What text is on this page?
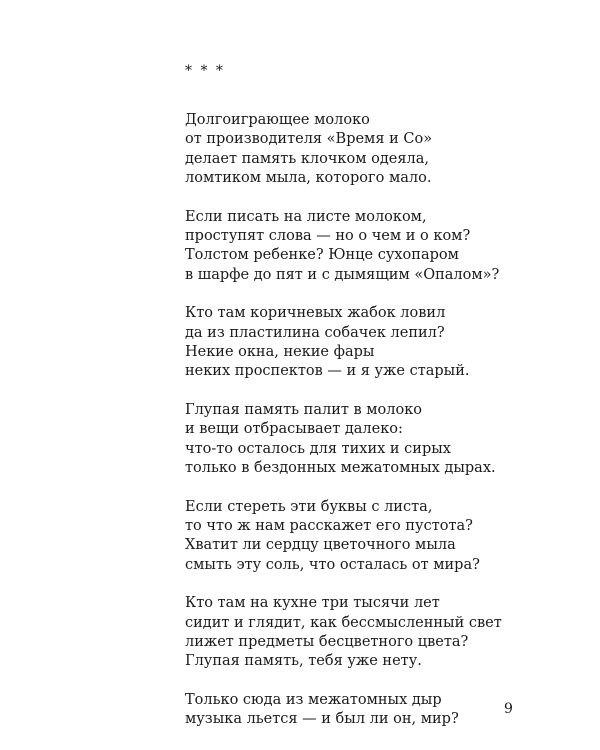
* * *
Долгоиграющее молоко
от производителя «Время и Со»
делает память клочком одеяла,
ломтиком мыла, которого мало.
Если писать на листе молоком,
проступят слова — но о чем и о ком?
Толстом ребенке? Юнце сухопаром
в шарфе до пят и с дымящим «Опалом»?
Кто там коричневых жабок ловил
да из пластилина собачек лепил?
Некие окна, некие фары
неких проспектов — и я уже старый.
Глупая память палит в молоко
и вещи отбрасывает далеко:
что-то осталось для тихих и сирых
только в бездонных межатомных дырах.
Если стереть эти буквы с листа,
то что ж нам расскажет его пустота?
Хватит ли сердцу цветочного мыла
смыть эту соль, что осталась от мира?
Кто там на кухне три тысячи лет
сидит и глядит, как бессмысленный свет
лижет предметы бесцветного цвета?
Глупая память, тебя уже нету.
Только сюда из межатомных дыр
музыка льется — и был ли он, мир?
9
